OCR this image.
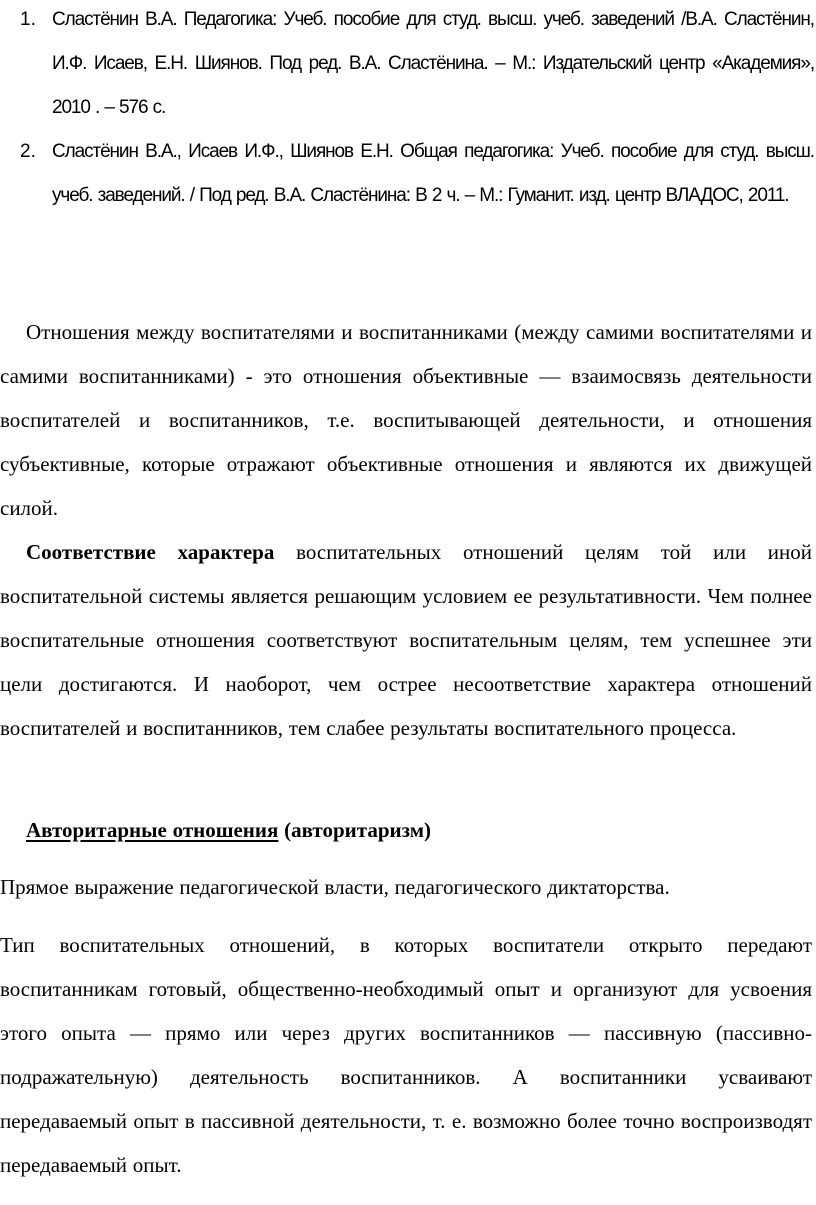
1. Сластёнин В.А. Педагогика: Учеб. пособие для студ. высш. учеб. заведений /В.А. Сластёнин, И.Ф. Исаев, Е.Н. Шиянов. Под ред. В.А. Сластёнина. – М.: Издательский центр «Академия», 2010 . – 576 с.
2. Сластёнин В.А., Исаев И.Ф., Шиянов Е.Н. Общая педагогика: Учеб. пособие для студ. высш. учеб. заведений. / Под ред. В.А. Сластёнина: В 2 ч. – М.: Гуманит. изд. центр ВЛАДОС, 2011.

Отношения между воспитателями и воспитанниками (между самими воспитателями и самими воспитанниками) - это отношения объективные — взаимосвязь деятельности воспитателей и воспитанников, т.е. воспитывающей деятельности, и отношения субъективные, которые отражают объективные отношения и являются их движущей силой.

Соответствие характера воспитательных отношений целям той или иной воспитательной системы является решающим условием ее результативности. Чем полнее воспитательные отношения соответствуют воспитательным целям, тем успешнее эти цели достигаются. И наоборот, чем острее несоответствие характера отношений воспитателей и воспитанников, тем слабее результаты воспитательного процесса.

Авторитарные отношения (авторитаризм)

Прямое выражение педагогической власти, педагогического диктаторства.

Тип воспитательных отношений, в которых воспитатели открыто передают воспитанникам готовый, общественно-необходимый опыт и организуют для усвоения этого опыта — прямо или через других воспитанников — пассивную (пассивно-подражательную) деятельность воспитанников. А воспитанники усваивают передаваемый опыт в пассивной деятельности, т. е. возможно более точно воспроизводят передаваемый опыт.
